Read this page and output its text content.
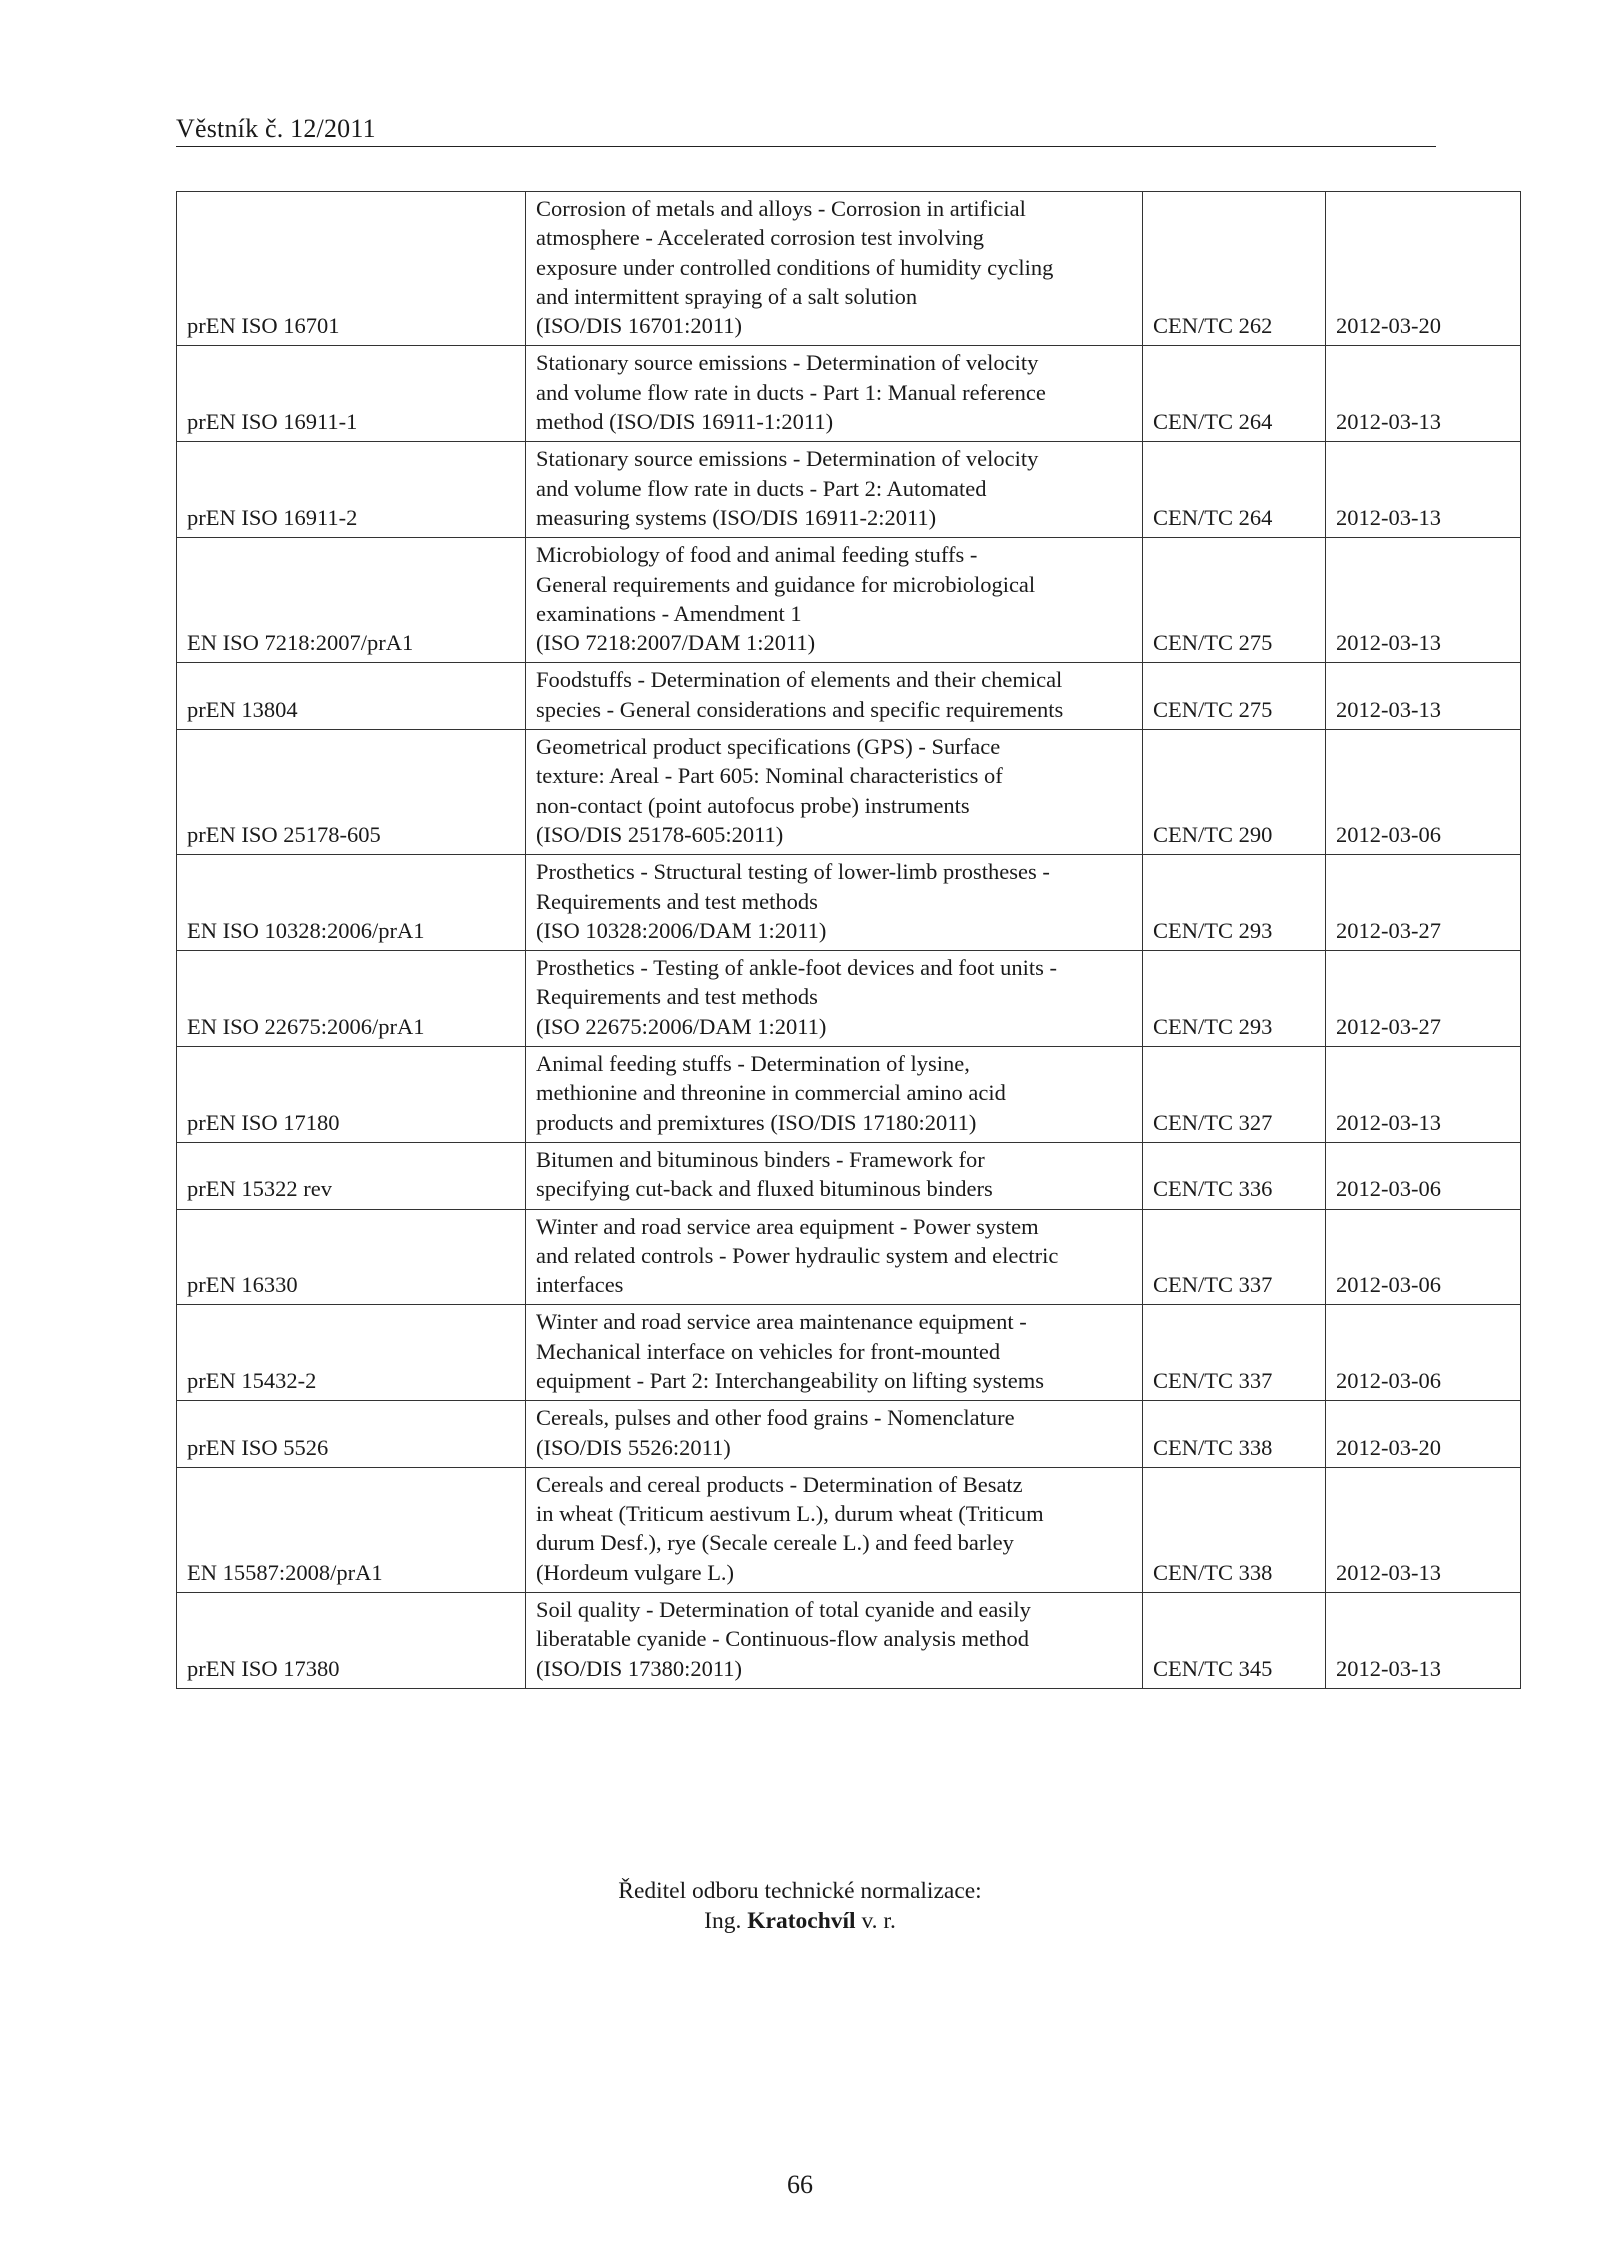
Věstník č. 12/2011
prEN ISO 16701	Corrosion of metals and alloys - Corrosion in artificial
atmosphere - Accelerated corrosion test involving
exposure under controlled conditions of humidity cycling
and intermittent spraying of a salt solution
(ISO/DIS 16701:2011)	CEN/TC 262	2012-03-20
prEN ISO 16911-1	Stationary source emissions - Determination of velocity
and volume flow rate in ducts - Part 1: Manual reference
method (ISO/DIS 16911-1:2011)	CEN/TC 264	2012-03-13
prEN ISO 16911-2	Stationary source emissions - Determination of velocity
and volume flow rate in ducts - Part 2: Automated
measuring systems (ISO/DIS 16911-2:2011)	CEN/TC 264	2012-03-13
EN ISO 7218:2007/prA1	Microbiology of food and animal feeding stuffs -
General requirements and guidance for microbiological
examinations - Amendment 1
(ISO 7218:2007/DAM 1:2011)	CEN/TC 275	2012-03-13
prEN 13804	Foodstuffs - Determination of elements and their chemical
species - General considerations and specific requirements	CEN/TC 275	2012-03-13
prEN ISO 25178-605	Geometrical product specifications (GPS) - Surface
texture: Areal - Part 605: Nominal characteristics of
non-contact (point autofocus probe) instruments
(ISO/DIS 25178-605:2011)	CEN/TC 290	2012-03-06
EN ISO 10328:2006/prA1	Prosthetics - Structural testing of lower-limb prostheses -
Requirements and test methods
(ISO 10328:2006/DAM 1:2011)	CEN/TC 293	2012-03-27
EN ISO 22675:2006/prA1	Prosthetics - Testing of ankle-foot devices and foot units -
Requirements and test methods
(ISO 22675:2006/DAM 1:2011)	CEN/TC 293	2012-03-27
prEN ISO 17180	Animal feeding stuffs - Determination of lysine,
methionine and threonine in commercial amino acid
products and premixtures (ISO/DIS 17180:2011)	CEN/TC 327	2012-03-13
prEN 15322 rev	Bitumen and bituminous binders - Framework for
specifying cut-back and fluxed bituminous binders	CEN/TC 336	2012-03-06
prEN 16330	Winter and road service area equipment - Power system
and related controls - Power hydraulic system and electric
interfaces	CEN/TC 337	2012-03-06
prEN 15432-2	Winter and road service area maintenance equipment -
Mechanical interface on vehicles for front-mounted
equipment - Part 2: Interchangeability on lifting systems	CEN/TC 337	2012-03-06
prEN ISO 5526	Cereals, pulses and other food grains - Nomenclature
(ISO/DIS 5526:2011)	CEN/TC 338	2012-03-20
EN 15587:2008/prA1	Cereals and cereal products - Determination of Besatz
in wheat (Triticum aestivum L.), durum wheat (Triticum
durum Desf.), rye (Secale cereale L.) and feed barley
(Hordeum vulgare L.)	CEN/TC 338	2012-03-13
prEN ISO 17380	Soil quality - Determination of total cyanide and easily
liberatable cyanide - Continuous-flow analysis method
(ISO/DIS 17380:2011)	CEN/TC 345	2012-03-13
Ředitel odboru technické normalizace:
Ing. Kratochvíl v. r.
66
